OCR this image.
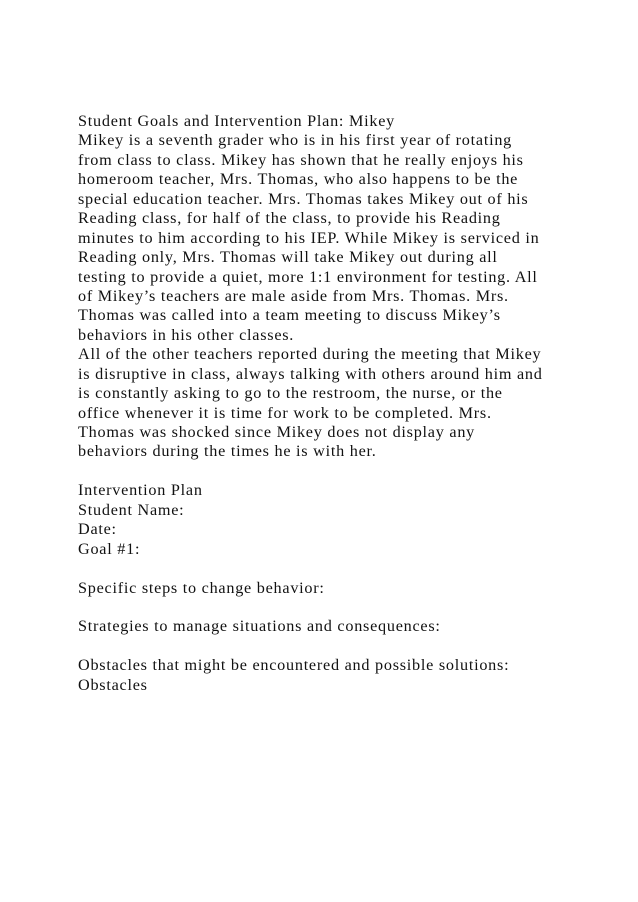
Student Goals and Intervention Plan: Mikey
Mikey is a seventh grader who is in his first year of rotating
from class to class. Mikey has shown that he really enjoys his
homeroom teacher, Mrs. Thomas, who also happens to be the
special education teacher. Mrs. Thomas takes Mikey out of his
Reading class, for half of the class, to provide his Reading
minutes to him according to his IEP. While Mikey is serviced in
Reading only, Mrs. Thomas will take Mikey out during all
testing to provide a quiet, more 1:1 environment for testing. All
of Mikey’s teachers are male aside from Mrs. Thomas. Mrs.
Thomas was called into a team meeting to discuss Mikey’s
behaviors in his other classes.
All of the other teachers reported during the meeting that Mikey
is disruptive in class, always talking with others around him and
is constantly asking to go to the restroom, the nurse, or the
office whenever it is time for work to be completed. Mrs.
Thomas was shocked since Mikey does not display any
behaviors during the times he is with her.
Intervention Plan
Student Name:
Date:
Goal #1:
Specific steps to change behavior:
Strategies to manage situations and consequences:
Obstacles that might be encountered and possible solutions:
Obstacles
